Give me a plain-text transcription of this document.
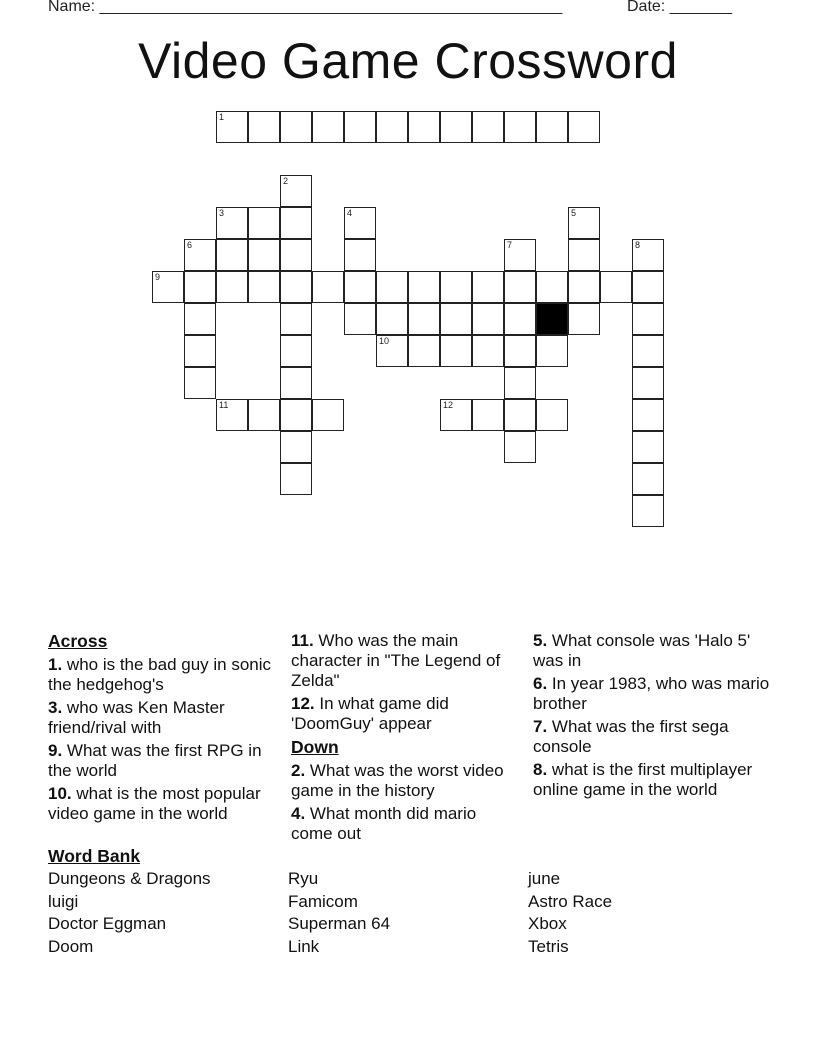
Name: ____________________________________________________	Date: _______
Video Game Crossword
1
3
9
10
11	12
2
4	5
6	7	8
Across
1. who is the bad guy in sonic the hedgehog's
3. who was Ken Master friend/rival with
9. What was the first RPG in the world
10. what is the most popular video game in the world
11. Who was the main character in "The Legend of Zelda"
12. In what game did 'DoomGuy' appear
Down
2. What was the worst video game in the history
4. What month did mario come out
5. What console was 'Halo 5' was in
6. In year 1983, who was mario brother
7. What was the first sega console
8. what is the first multiplayer online game in the world
Word Bank
Dungeons & Dragons	Ryu	june
luigi	Famicom	Astro Race
Doctor Eggman	Superman 64	Xbox
Doom	Link	Tetris
